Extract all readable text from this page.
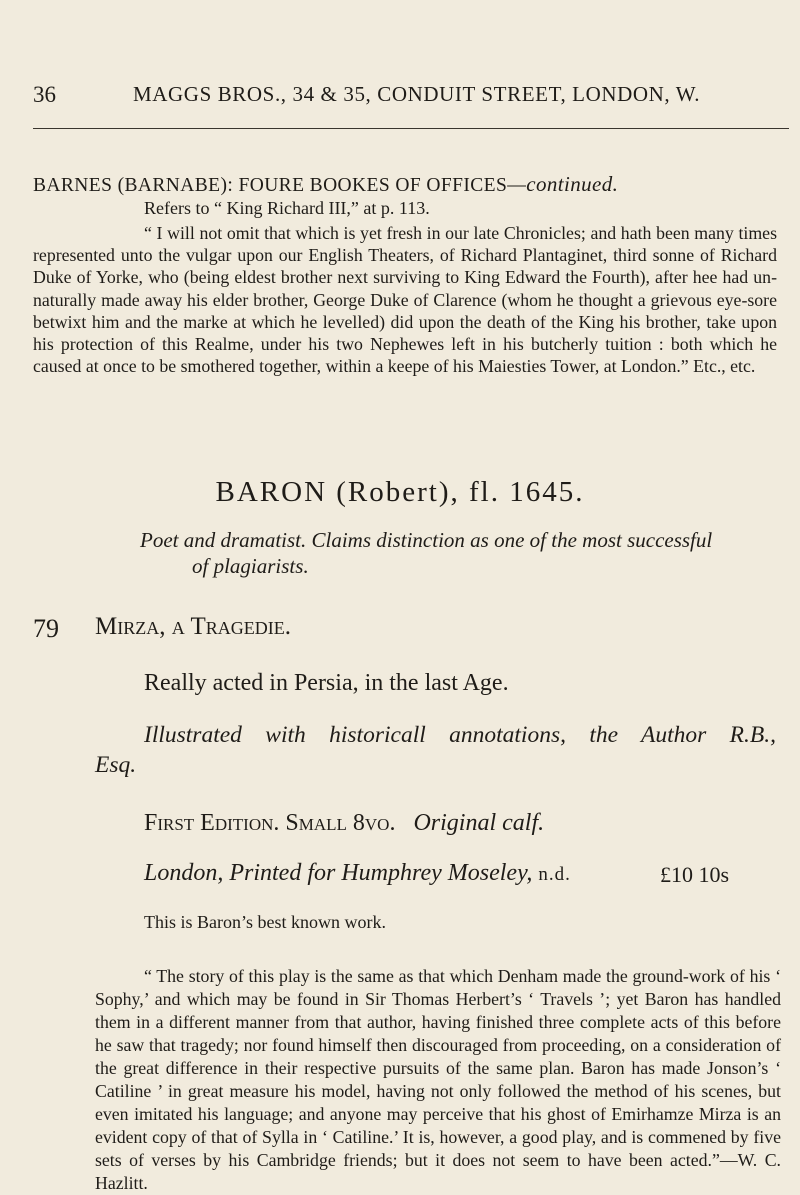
36	MAGGS BROS., 34 & 35, CONDUIT STREET, LONDON, W.
BARNES (BARNABE): FOURE BOOKES OF OFFICES—continued.
Refers to “ King Richard III,” at p. 113.

“ I will not omit that which is yet fresh in our late Chronicles; and hath been many times represented unto the vulgar upon our English Theaters, of Richard Plantaginet, third sonne of Richard Duke of Yorke, who (being eldest brother next surviving to King Edward the Fourth), after hee had un-naturally made away his elder brother, George Duke of Clarence (whom he thought a grievous eye-sore betwixt him and the marke at which he levelled) did upon the death of the King his brother, take upon his protection of this Realme, under his two Nephewes left in his butcherly tuition : both which he caused at once to be smothered together, within a keepe of his Maiesties Tower, at London.” Etc., etc.

BARON (Robert), fl. 1645.

Poet and dramatist. Claims distinction as one of the most successful
of plagiarists.

79 Mirza, a Tragedie.
Really acted in Persia, in the last Age.

Illustrated with historicall annotations, the Author R.B.,

Esq.
First Edition. Small 8vo. Original calf.
London, Printed for Humphrey Moseley, n.d.	£10 10s
This is Baron’s best known work.

“ The story of this play is the same as that which Denham made the ground-work of his ‘ Sophy,’ and which may be found in Sir Thomas Herbert’s ‘ Travels ’; yet Baron has handled them in a different manner from that author, having finished three complete acts of this before he saw that tragedy; nor found himself then discouraged from proceeding, on a consideration of the great difference in their respective pursuits of the same plan. Baron has made Jonson’s ‘ Catiline ’ in great measure his model, having not only followed the method of his scenes, but even imitated his language; and anyone may perceive that his ghost of Emirhamze Mirza is an evident copy of that of Sylla in ‘ Catiline.’ It is, however, a good play, and is commened by five sets of verses by his Cambridge friends; but it does not seem to have been acted.”—W. C. Hazlitt.
